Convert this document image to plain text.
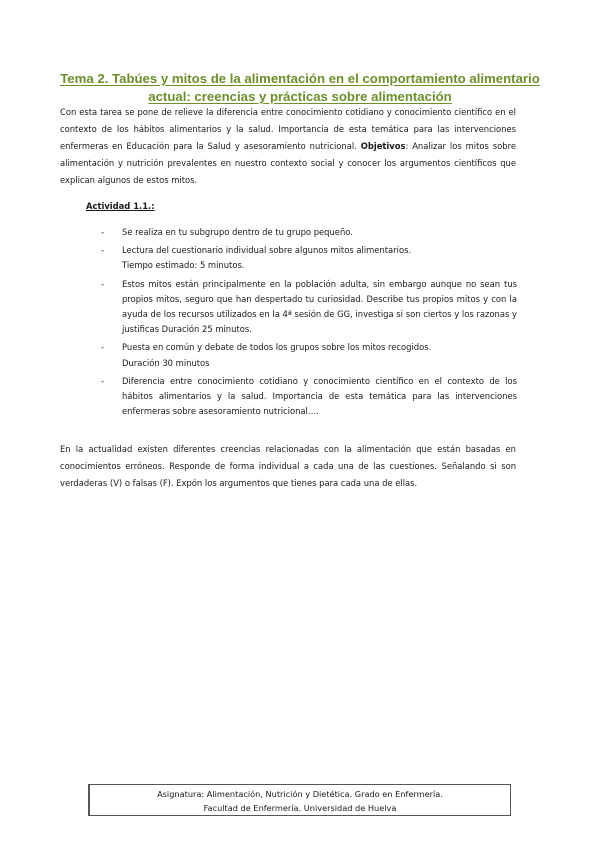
Tema 2. Tabúes y mitos de la alimentación en el comportamiento alimentario
actual: creencias y prácticas sobre alimentación

Con esta tarea se pone de relieve la diferencia entre conocimiento cotidiano y conocimiento científico en el contexto de los hábitos alimentarios y la salud. Importancia de esta temática para las intervenciones enfermeras en Educación para la Salud y asesoramiento nutricional. Objetivos: Analizar los mitos sobre alimentación y nutrición prevalentes en nuestro contexto social y conocer los argumentos científicos que explican algunos de estos mitos.

Actividad 1.1.:
-	Se realiza en tu subgrupo dentro de tu grupo pequeño.
-	Lectura del cuestionario individual sobre algunos mitos alimentarios.
Tiempo estimado: 5 minutos.
-	Estos mitos están principalmente en la población adulta, sin embargo aunque no sean tus propios mitos, seguro que han despertado tu curiosidad. Describe tus propios mitos y con la ayuda de los recursos utilizados en la 4ª sesión de GG, investiga si son ciertos y los razonas y justificas Duración 25 minutos.
-	Puesta en común y debate de todos los grupos sobre los mitos recogidos.
Duración 30 minutos
-	Diferencia entre conocimiento cotidiano y conocimiento científico en el contexto de los hábitos alimentarios y la salud. Importancia de esta temática para las intervenciones enfermeras sobre asesoramiento nutricional….

En la actualidad existen diferentes creencias relacionadas con la alimentación que están basadas en conocimientos erróneos. Responde de forma individual a cada una de las cuestiones. Señalando si son verdaderas (V) o falsas (F). Expón los argumentos que tienes para cada una de ellas.

Asignatura: Alimentación, Nutrición y Dietética. Grado en Enfermería.
Facultad de Enfermería. Universidad de Huelva
